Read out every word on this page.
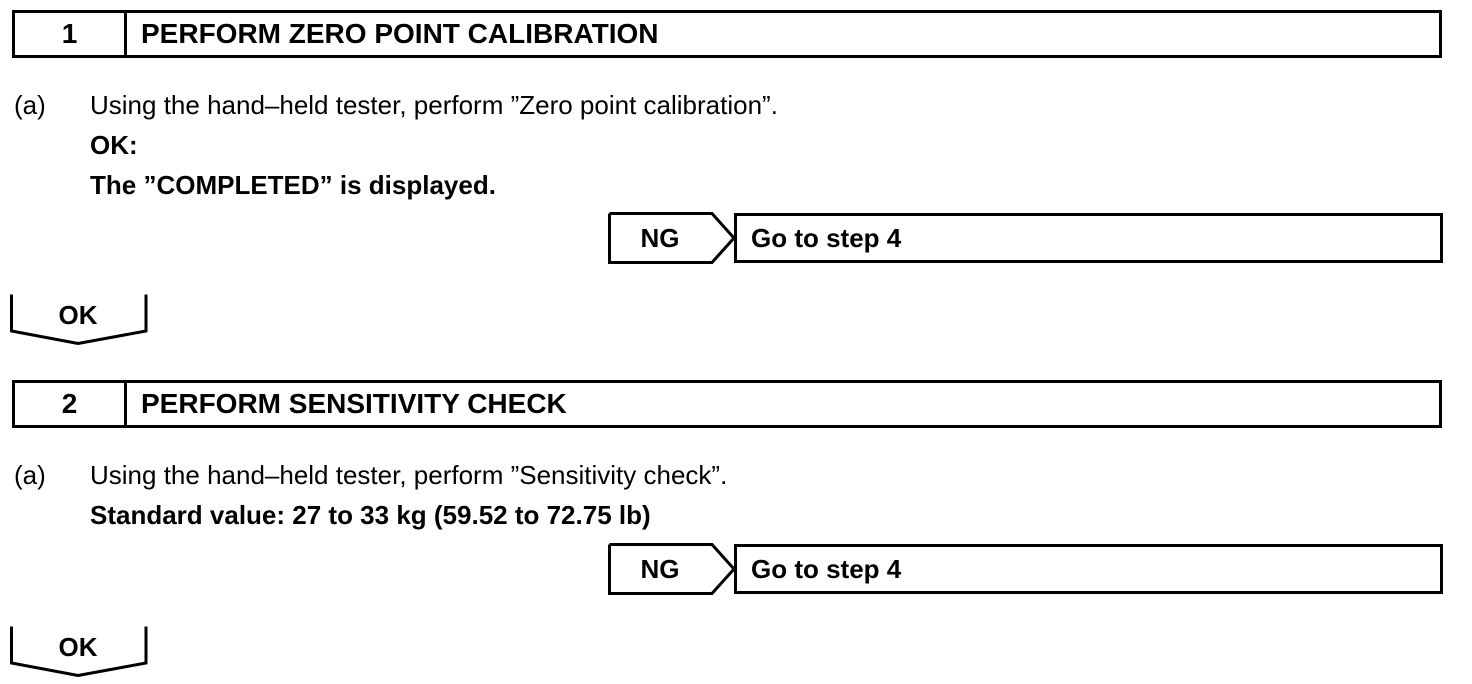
1	PERFORM ZERO POINT CALIBRATION
(a) Using the hand–held tester, perform ”Zero point calibration”.
OK:
The ”COMPLETED” is displayed.
NG	Go to step 4
OK
2	PERFORM SENSITIVITY CHECK
(a) Using the hand–held tester, perform ”Sensitivity check”.
Standard value: 27 to 33 kg (59.52 to 72.75 lb)
NG	Go to step 4
OK
